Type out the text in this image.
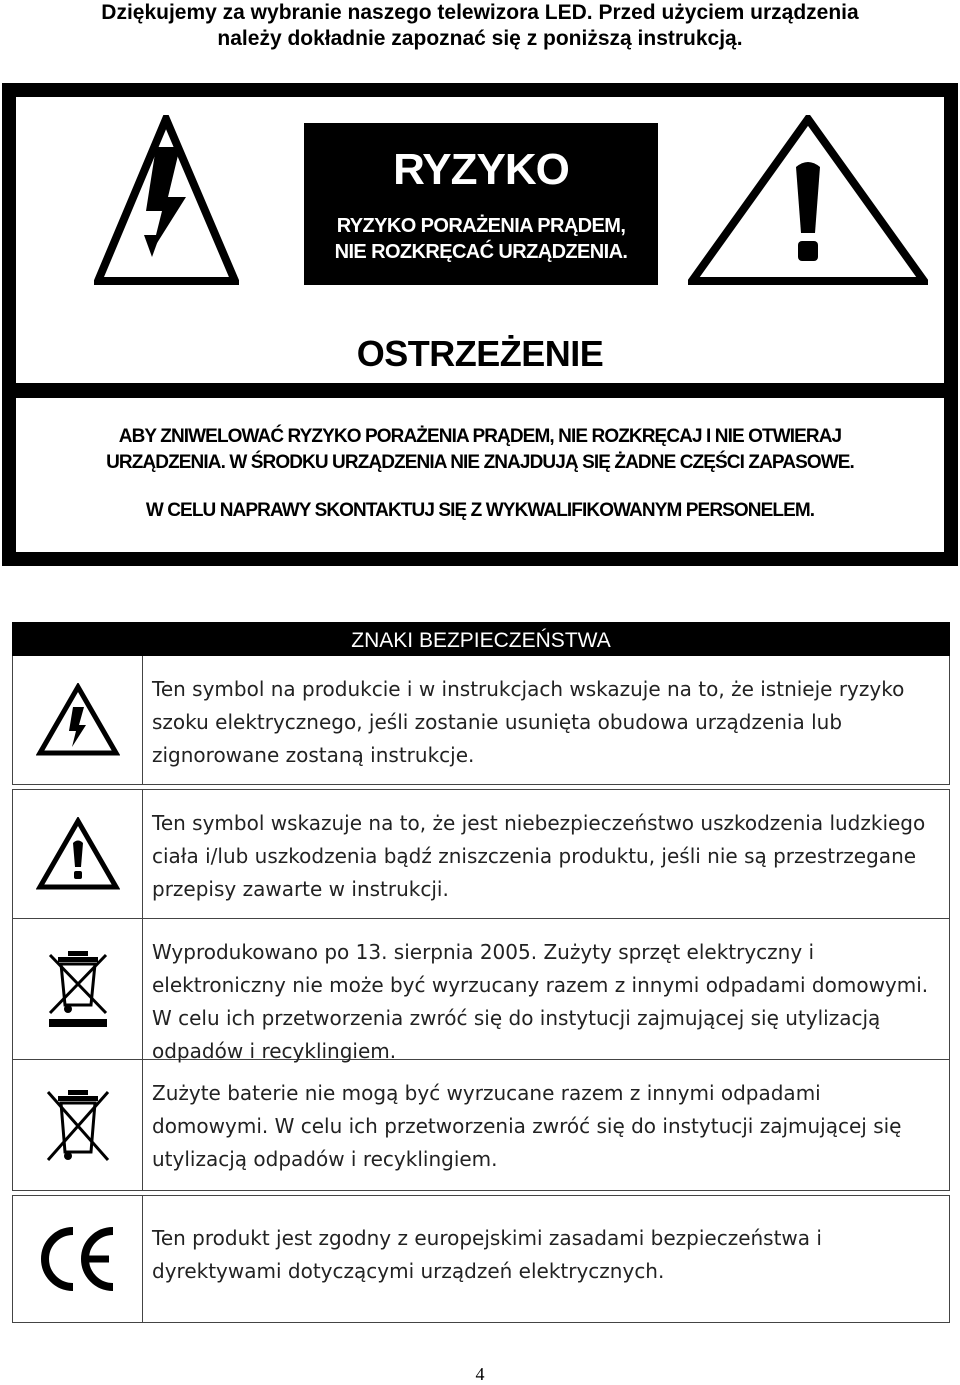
Dziękujemy za wybranie naszego telewizora LED. Przed użyciem urządzenia
należy dokładnie zapoznać się z poniższą instrukcją.
RYZYKO
RYZYKO PORAŻENIA PRĄDEM,
NIE ROZKRĘCAĆ URZĄDZENIA.
OSTRZEŻENIE
ABY ZNIWELOWAĆ RYZYKO PORAŻENIA PRĄDEM, NIE ROZKRĘCAJ I NIE OTWIERAJ
URZĄDZENIA. W ŚRODKU URZĄDZENIA NIE ZNAJDUJĄ SIĘ ŻADNE CZĘŚCI ZAPASOWE.
W CELU NAPRAWY SKONTAKTUJ SIĘ Z WYKWALIFIKOWANYM PERSONELEM.
ZNAKI BEZPIECZEŃSTWA
Ten symbol na produkcie i w instrukcjach wskazuje na to, że istnieje ryzyko szoku elektrycznego, jeśli zostanie usunięta obudowa urządzenia lub zignorowane zostaną instrukcje.
Ten symbol wskazuje na to, że jest niebezpieczeństwo uszkodzenia ludzkiego ciała i/lub uszkodzenia bądź zniszczenia produktu, jeśli nie są przestrzegane przepisy zawarte w instrukcji.
Wyprodukowano po 13. sierpnia 2005. Zużyty sprzęt elektryczny i elektroniczny nie może być wyrzucany razem z innymi odpadami domowymi. W celu ich przetworzenia zwróć się do instytucji zajmującej się utylizacją odpadów i recyklingiem.
Zużyte baterie nie mogą być wyrzucane razem z innymi odpadami domowymi. W celu ich przetworzenia zwróć się do instytucji zajmującej się utylizacją odpadów i recyklingiem.
Ten produkt jest zgodny z europejskimi zasadami bezpieczeństwa i dyrektywami dotyczącymi urządzeń elektrycznych.
4
